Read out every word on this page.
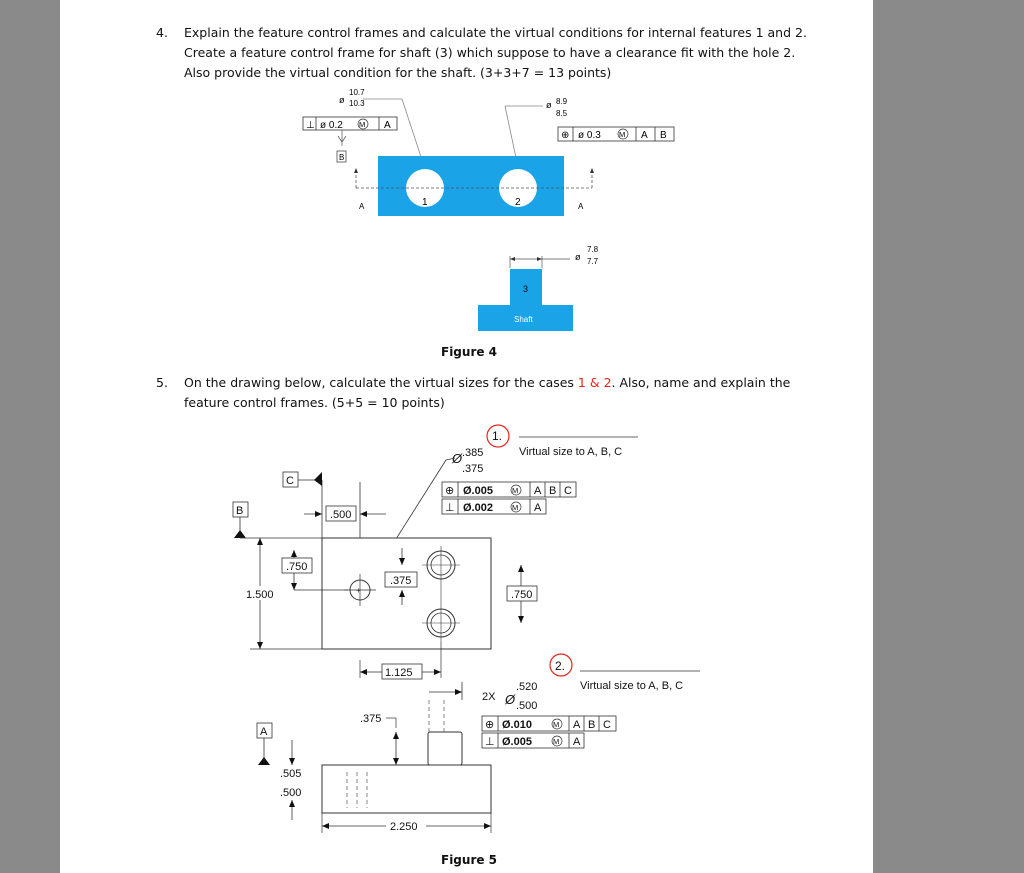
4. Explain the feature control frames and calculate the virtual conditions for internal features 1 and 2.
Create a feature control frame for shaft (3) which suppose to have a clearance fit with the hole 2.
Also provide the virtual condition for the shaft. (3+3+7 = 13 points)
ø
10.7
10.3
⊥ ø 0.2 M A
B
ø 8.9
8.5
⊕ ø 0.3 M A B
1	2
A	A
3
Shaft
ø
7.8
7.7
Figure 4
5. On the drawing below, calculate the virtual sizes for the cases 1 & 2. Also, name and explain the
feature control frames. (5+5 = 10 points)
1.
Virtual size to A, B, C
Ø .385
.375
⊕ Ø.005	M A B C
⊥ Ø.002	M A
C
B	.500
+
.750
1.500
.375
.750
1.125	2.
Virtual size to A, B, C
2X Ø
.520
.500
⊕ Ø.010	M A B C
⊥ Ø.005	M A
.375
A
.505
.500
2.250
Figure 5
